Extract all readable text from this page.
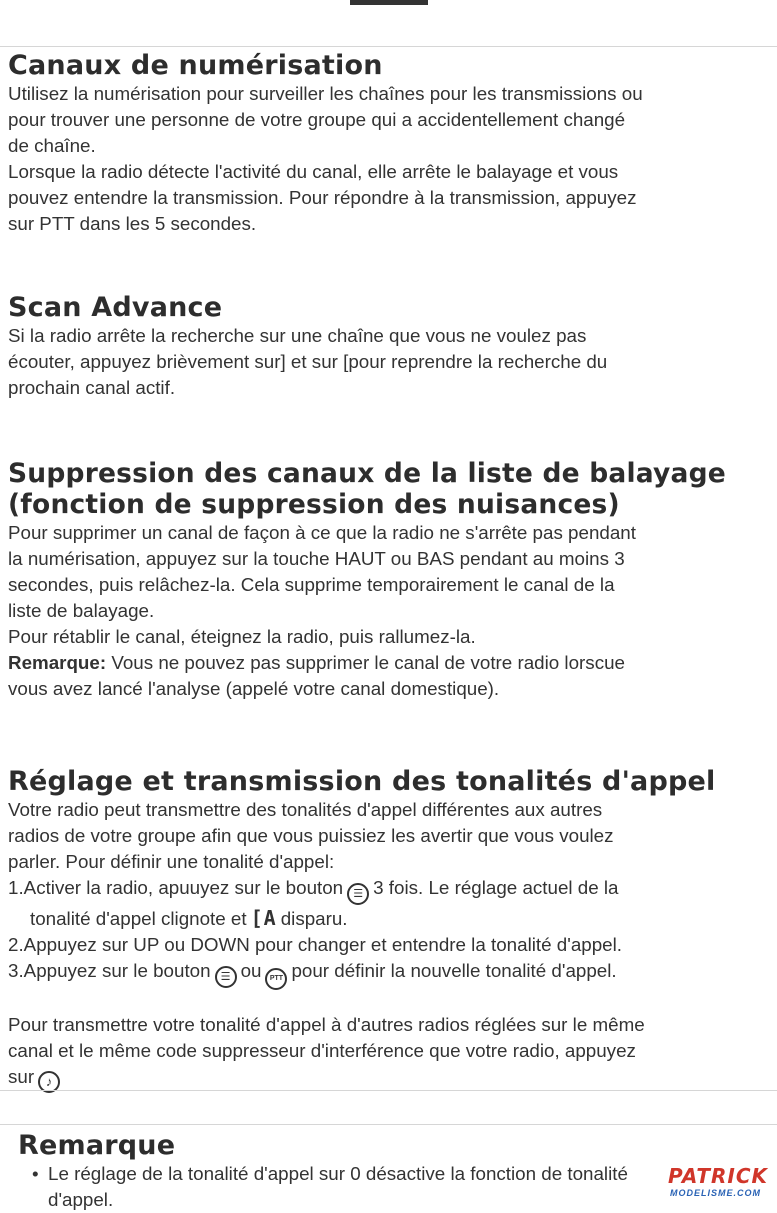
Canaux de numérisation

Utilisez la numérisation pour surveiller les chaînes pour les transmissions ou

pour trouver une personne de votre groupe qui a accidentellement changé

de chaîne.

Lorsque la radio détecte l'activité du canal, elle arrête le balayage et vous

pouvez entendre la transmission. Pour répondre à la transmission, appuyez

sur PTT dans les 5 secondes.

Scan Advance

Si la radio arrête la recherche sur une chaîne que vous ne voulez pas

écouter, appuyez brièvement sur] et sur [pour reprendre la recherche du

prochain canal actif.

Suppression des canaux de la liste de balayage
(fonction de suppression des nuisances)

Pour supprimer un canal de façon à ce que la radio ne s'arrête pas pendant

la numérisation, appuyez sur la touche HAUT ou BAS pendant au moins 3

secondes, puis relâchez-la. Cela supprime temporairement le canal de la

liste de balayage.

Pour rétablir le canal, éteignez la radio, puis rallumez-la.

Remarque: Vous ne pouvez pas supprimer le canal de votre radio lorscue

vous avez lancé l'analyse (appelé votre canal domestique).

Réglage et transmission des tonalités d'appel

Votre radio peut transmettre des tonalités d'appel différentes aux autres

radios de votre groupe afin que vous puissiez les avertir que vous voulez

parler. Pour définir une tonalité d'appel:

1.Activer la radio, apuuyez sur le bouton ☰ 3 fois. Le réglage actuel de la
tonalité d'appel clignote et [A disparu.
2.Appuyez sur UP ou DOWN pour changer et entendre la tonalité d'appel.
3.Appuyez sur le bouton ☰ ou PTT pour définir la nouvelle tonalité d'appel.

Pour transmettre votre tonalité d'appel à d'autres radios réglées sur le même

canal et le même code suppresseur d'interférence que votre radio, appuyez

sur ♪

Remarque
• Le réglage de la tonalité d'appel sur 0 désactive la fonction de tonalité
d'appel.
PATRICK
MODELISME.COM
